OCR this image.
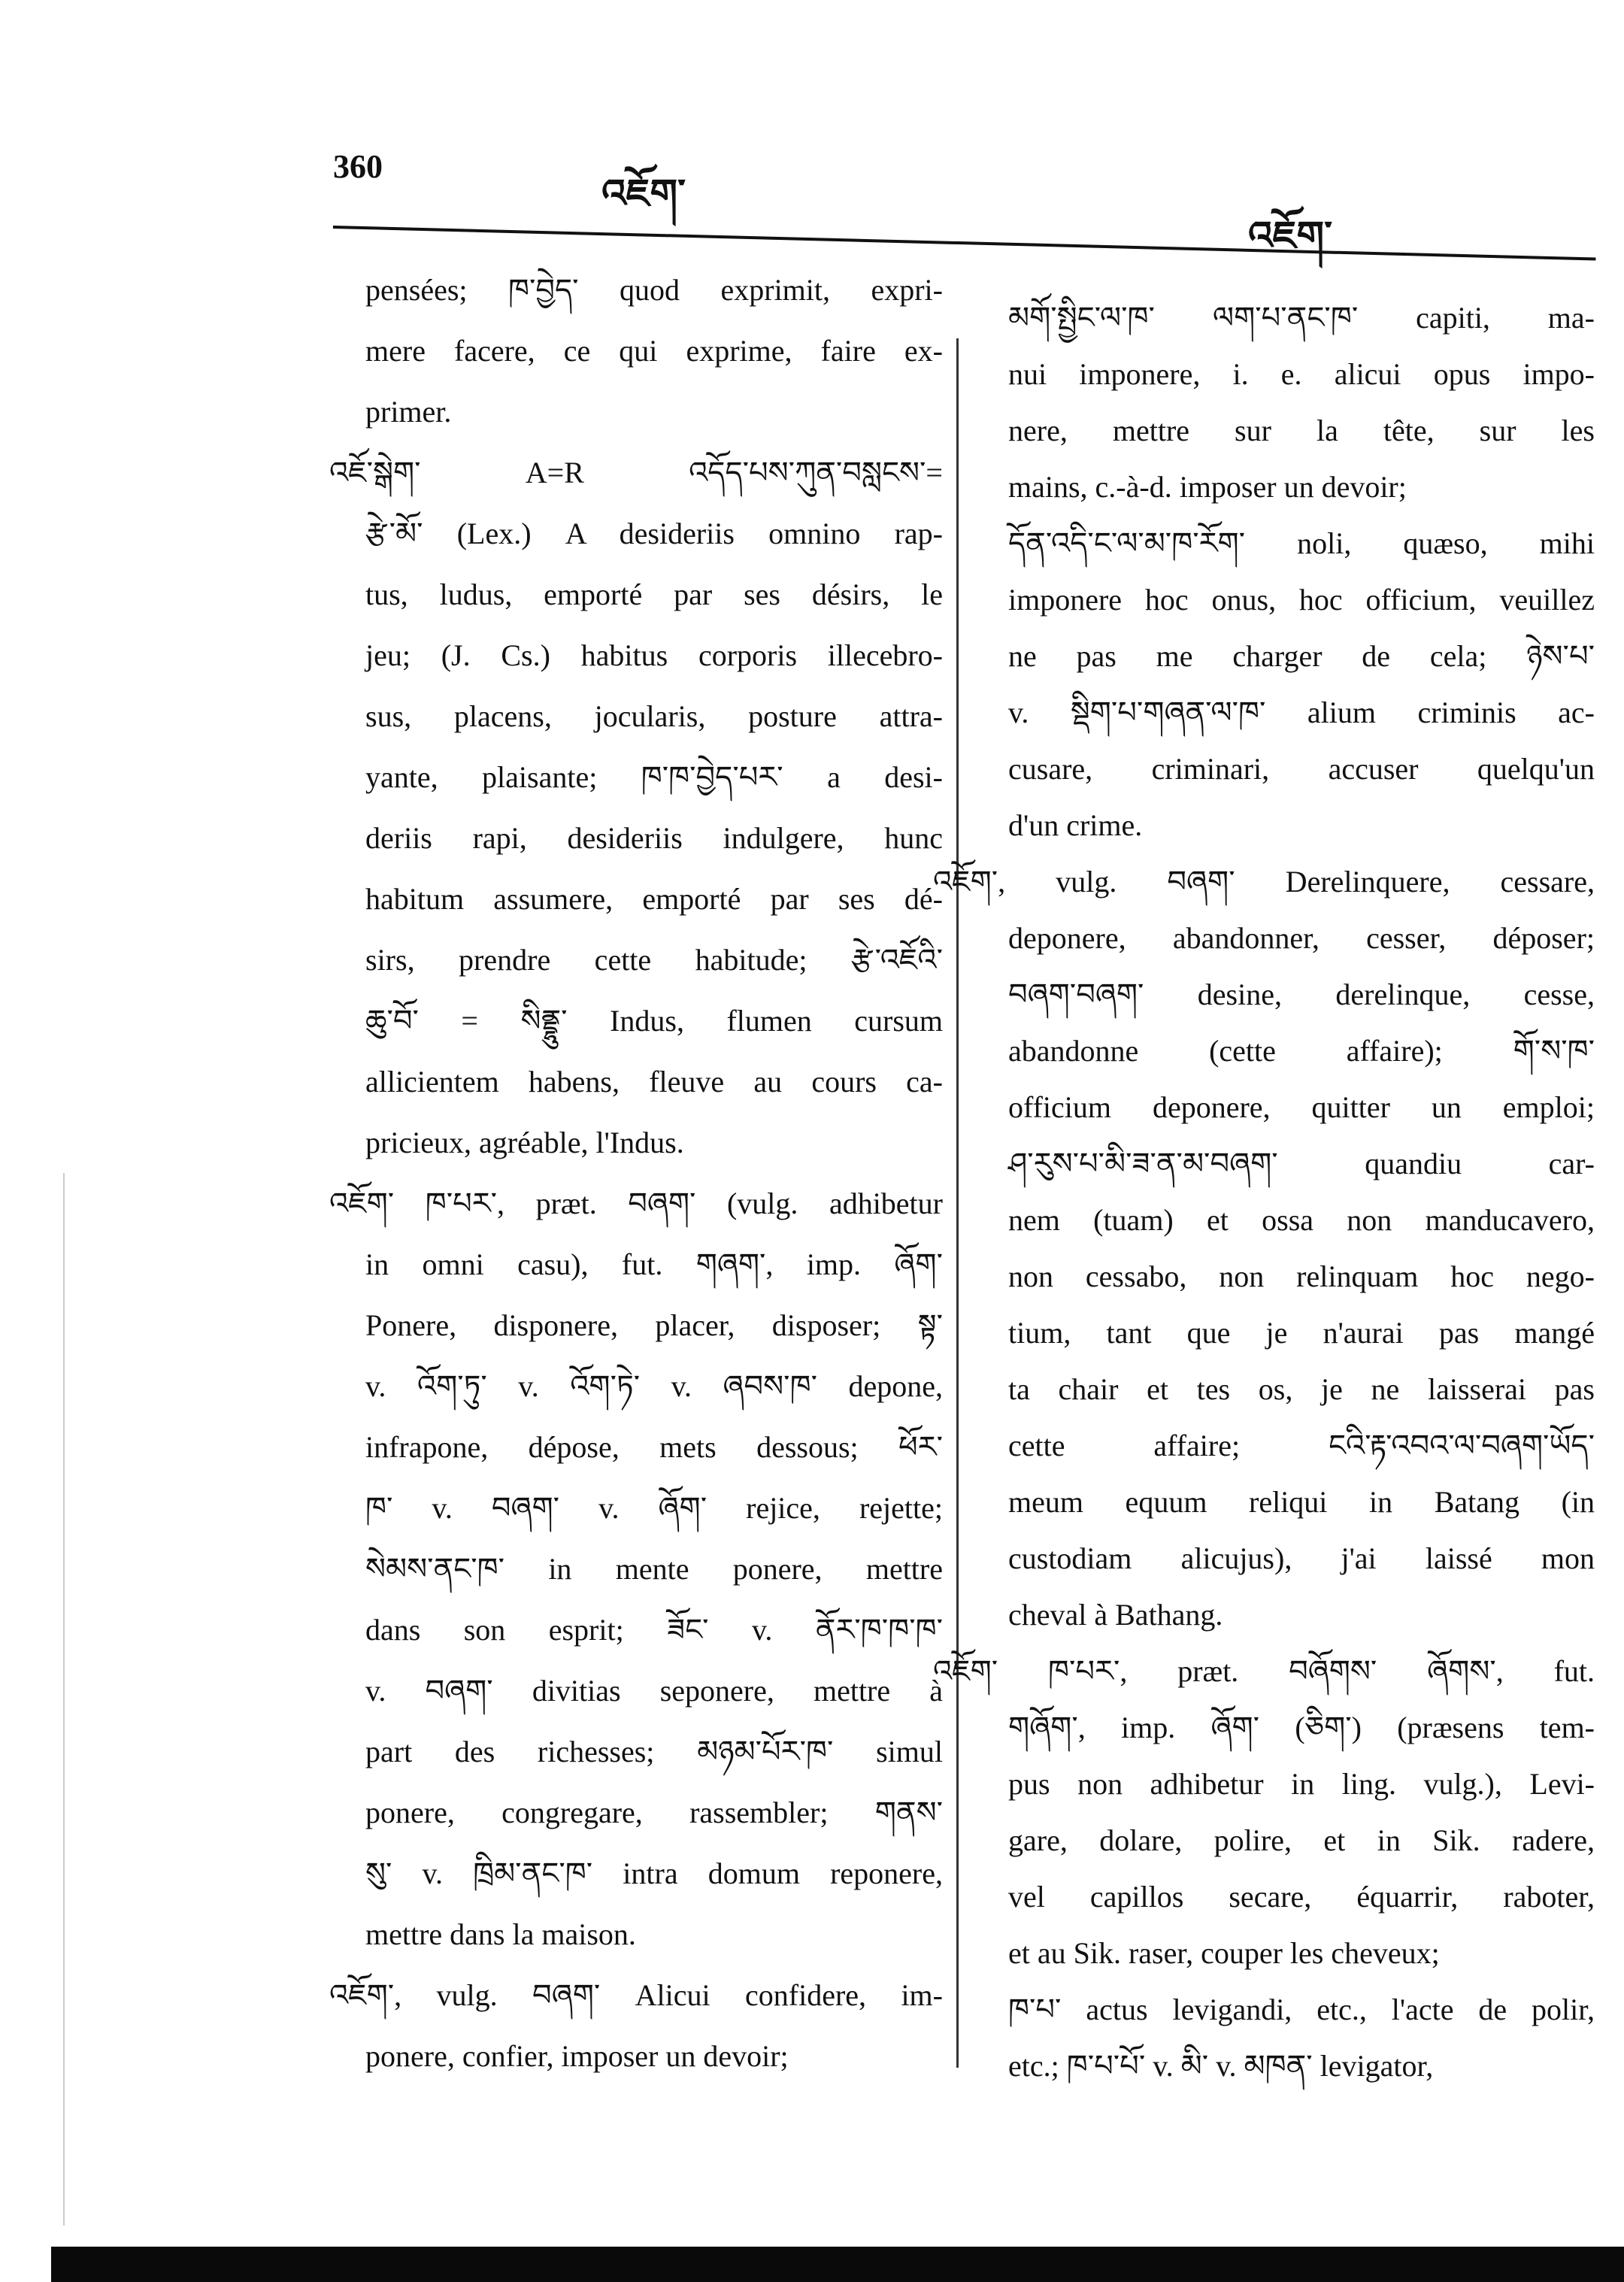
360
འཇོག་
འཇོག་
pensées; ཁ་བྱེད་ quod exprimit, expri-
mere facere, ce qui exprime, faire ex-
primer.
འཇོ་སྒེག་ A=R འདོད་པས་ཀུན་བསླངས་=
རྩེ་མོ་ (Lex.) A desideriis omnino rap-
tus, ludus, emporté par ses désirs, le
jeu; (J. Cs.) habitus corporis illecebro-
sus, placens, jocularis, posture attra-
yante, plaisante; ཁ་ཁ་བྱེད་པར་ a desi-
deriis rapi, desideriis indulgere, hunc
habitum assumere, emporté par ses dé-
sirs, prendre cette habitude; རྩེ་འཇོའི་
ཆུ་བོ་ = སིནྡྷུ་ Indus, flumen cursum
allicientem habens, fleuve au cours ca-
pricieux, agréable, l'Indus.
འཇོག་ ཁ་པར་, præt. བཞག་ (vulg. adhibetur
in omni casu), fut. གཞག་, imp. ཞོག་
Ponere, disponere, placer, disposer; སྟ་
v. འོག་ཏུ་ v. འོག་ཏེ་ v. ཞབས་ཁ་ depone,
infrapone, dépose, mets dessous; ཕོར་
ཁ་ v. བཞག་ v. ཞོག་ rejice, rejette;
སེམས་ནང་ཁ་ in mente ponere, mettre
dans son esprit; ཟོང་ v. ནོར་ཁ་ཁ་ཁ་
v. བཞག་ divitias seponere, mettre à
part des richesses; མཉམ་པོར་ཁ་ simul
ponere, congregare, rassembler; གནས་
སུ་ v. ཁྲིམ་ནང་ཁ་ intra domum reponere,
mettre dans la maison.
འཇོག་, vulg. བཞག་ Alicui confidere, im-
ponere, confier, imposer un devoir;
མགོ་སྤྱིང་ལ་ཁ་ ལག་པ་ནང་ཁ་ capiti, ma-
nui imponere, i. e. alicui opus impo-
nere, mettre sur la tête, sur les
mains, c.-à-d. imposer un devoir;
དོན་འདི་ང་ལ་མ་ཁ་རོག་ noli, quæso, mihi
imponere hoc onus, hoc officium, veuillez
ne pas me charger de cela; ཉེས་པ་
v. སྡིག་པ་གཞན་ལ་ཁ་ alium criminis ac-
cusare, criminari, accuser quelqu'un
d'un crime.
འཇོག་, vulg. བཞག་ Derelinquere, cessare,
deponere, abandonner, cesser, déposer;
བཞག་བཞག་ desine, derelinque, cesse,
abandonne (cette affaire); གོ་ས་ཁ་
officium deponere, quitter un emploi;
ཤ་རུས་པ་མི་ཟ་ན་མ་བཞག་ quandiu car-
nem (tuam) et ossa non manducavero,
non cessabo, non relinquam hoc nego-
tium, tant que je n'aurai pas mangé
ta chair et tes os, je ne laisserai pas
cette affaire; ངའི་རྟ་འབའ་ལ་བཞག་ཡོད་
meum equum reliqui in Batang (in
custodiam alicujus), j'ai laissé mon
cheval à Bathang.
འཇོག་ ཁ་པར་, præt. བཞོགས་ ཞོགས་, fut.
གཞོག་, imp. ཞོག་ (ཅིག་) (præsens tem-
pus non adhibetur in ling. vulg.), Levi-
gare, dolare, polire, et in Sik. radere,
vel capillos secare, équarrir, raboter,
et au Sik. raser, couper les cheveux;
ཁ་པ་ actus levigandi, etc., l'acte de polir,
etc.; ཁ་པ་པོ་ v. མི་ v. མཁན་ levigator,
